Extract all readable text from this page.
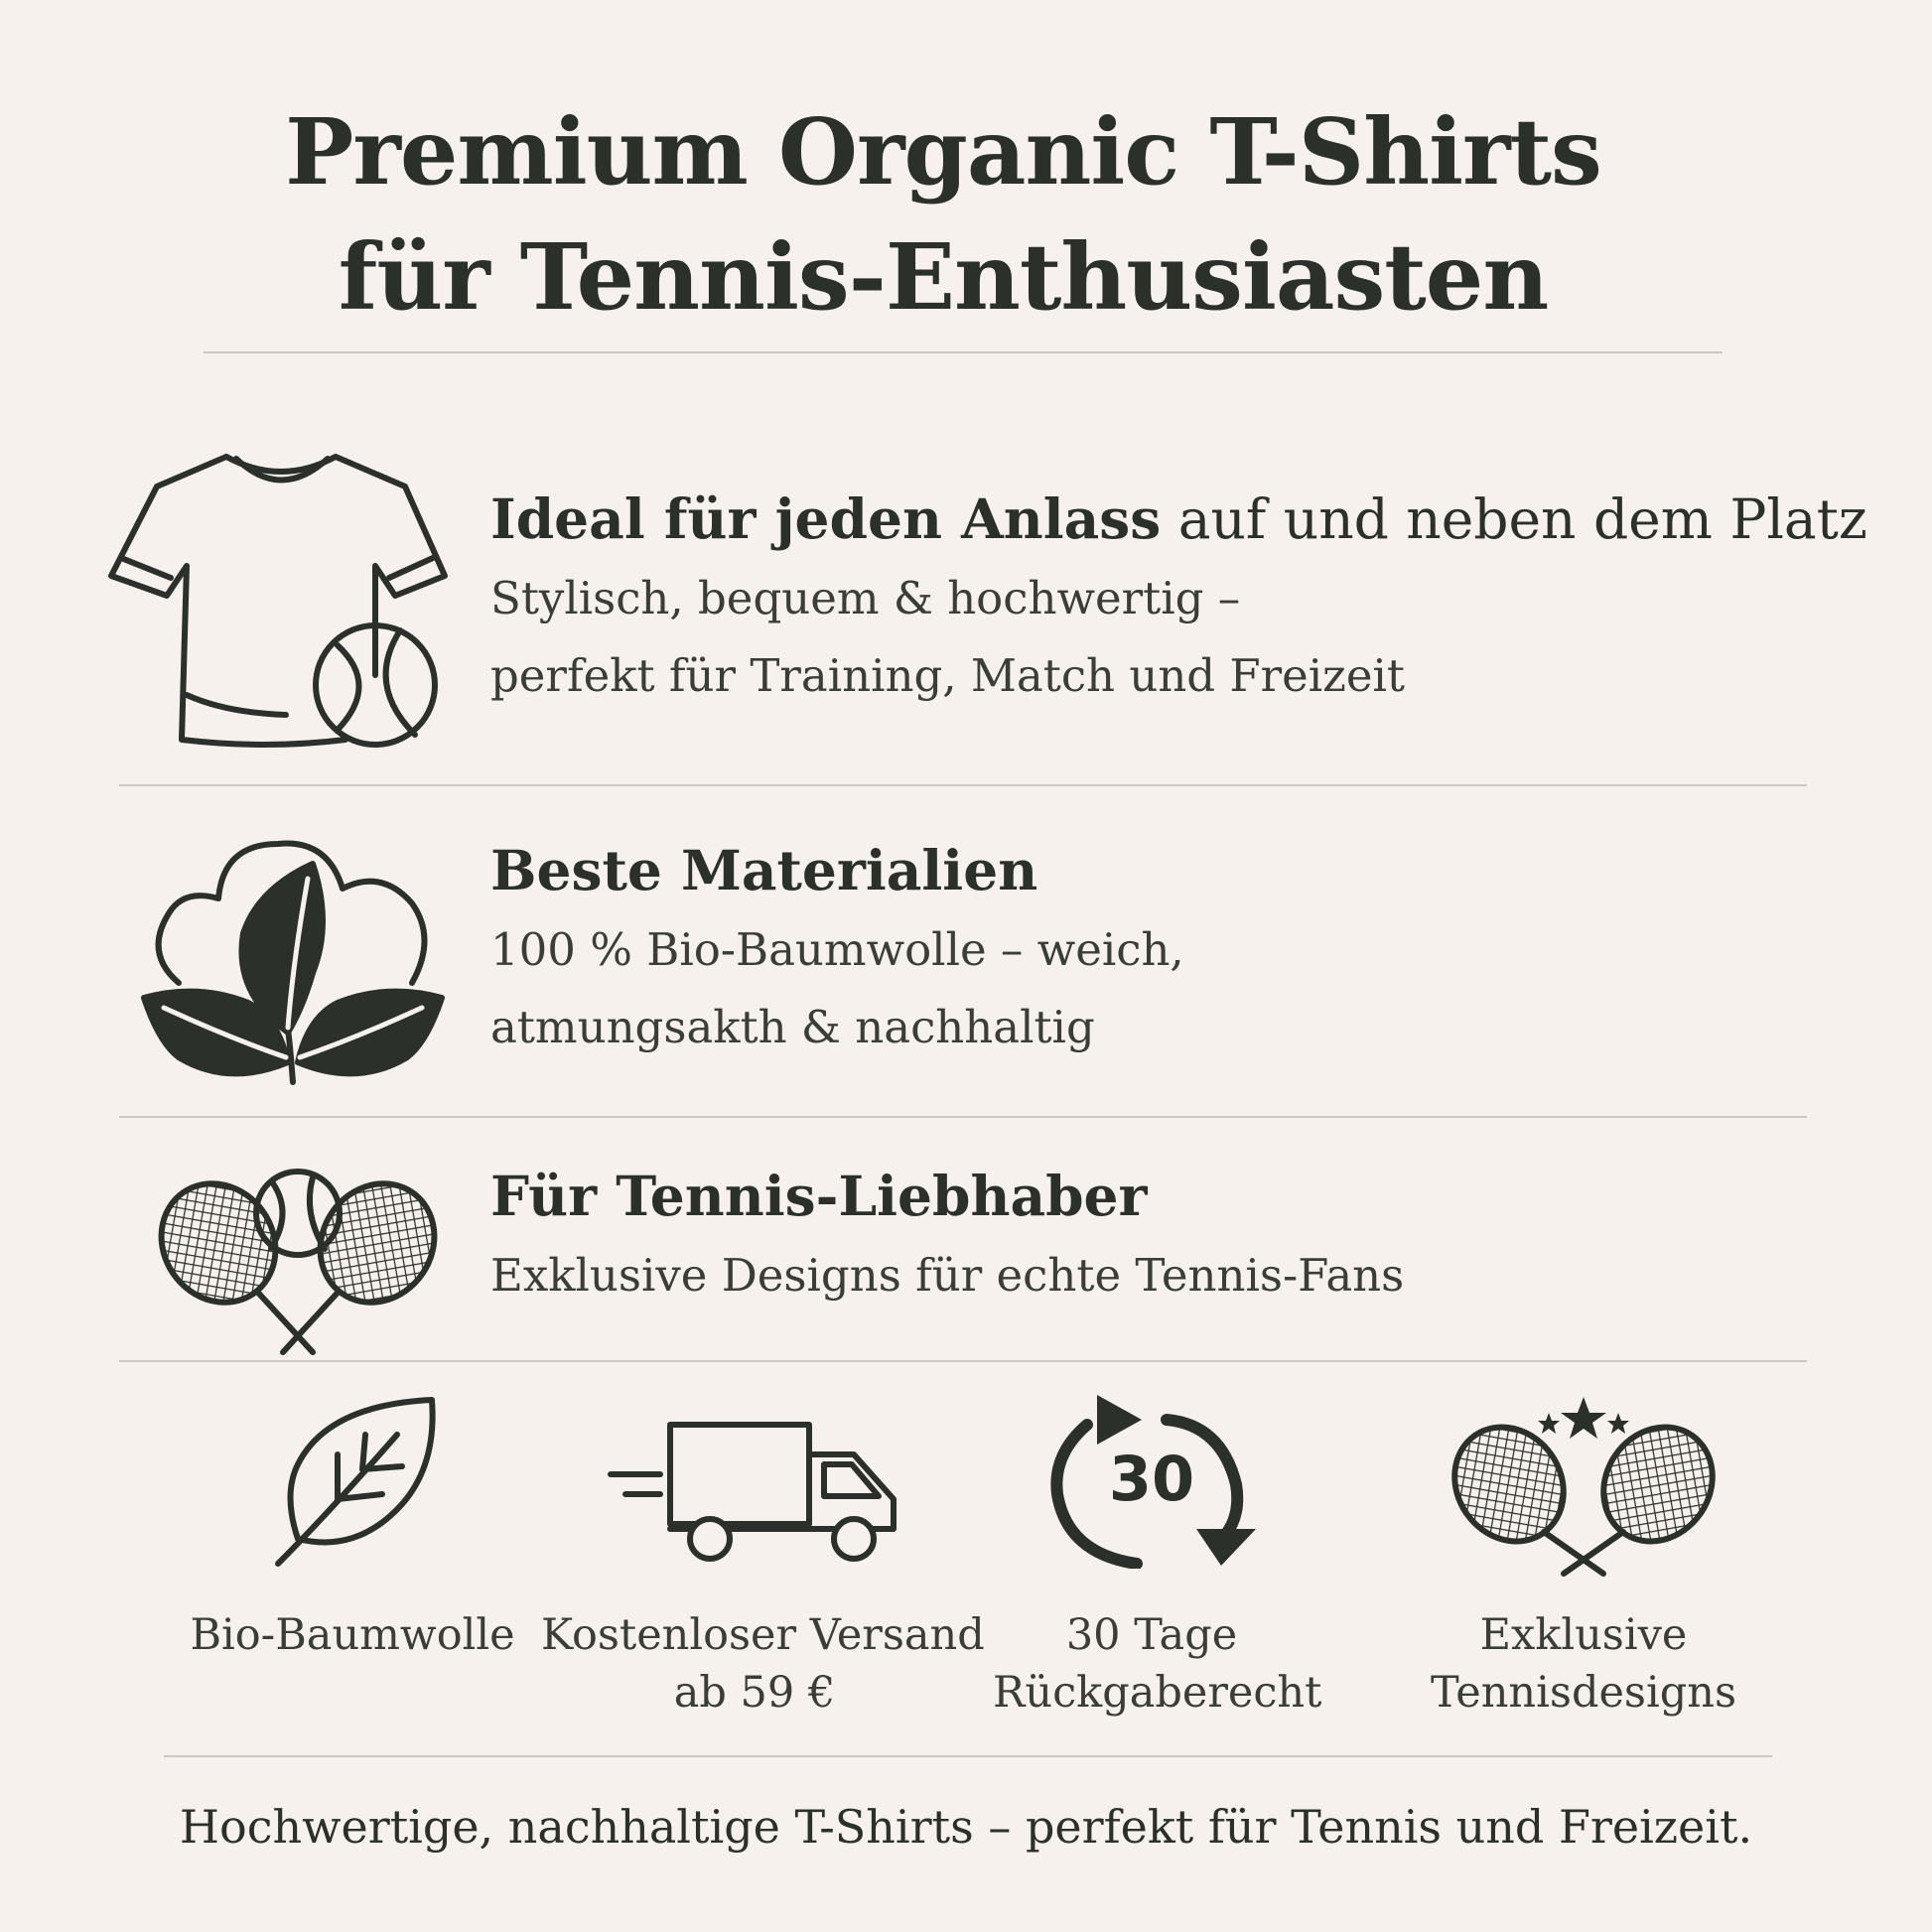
Premium Organic T-Shirts
für Tennis-Enthusiasten
Ideal für jeden Anlass auf und neben dem Platz
Stylisch, bequem & hochwertig –
perfekt für Training, Match und Freizeit
Beste Materialien
100 % Bio-Baumwolle – weich,
atmungsakth & nachhaltig
Für Tennis-Liebhaber
Exklusive Designs für echte Tennis-Fans
Bio-Baumwolle Kostenloser Versand
ab 59 €
30
30 Tage
Rückgaberecht
Exklusive
Tennisdesigns
Hochwertige, nachhaltige T-Shirts – perfekt für Tennis und Freizeit.
